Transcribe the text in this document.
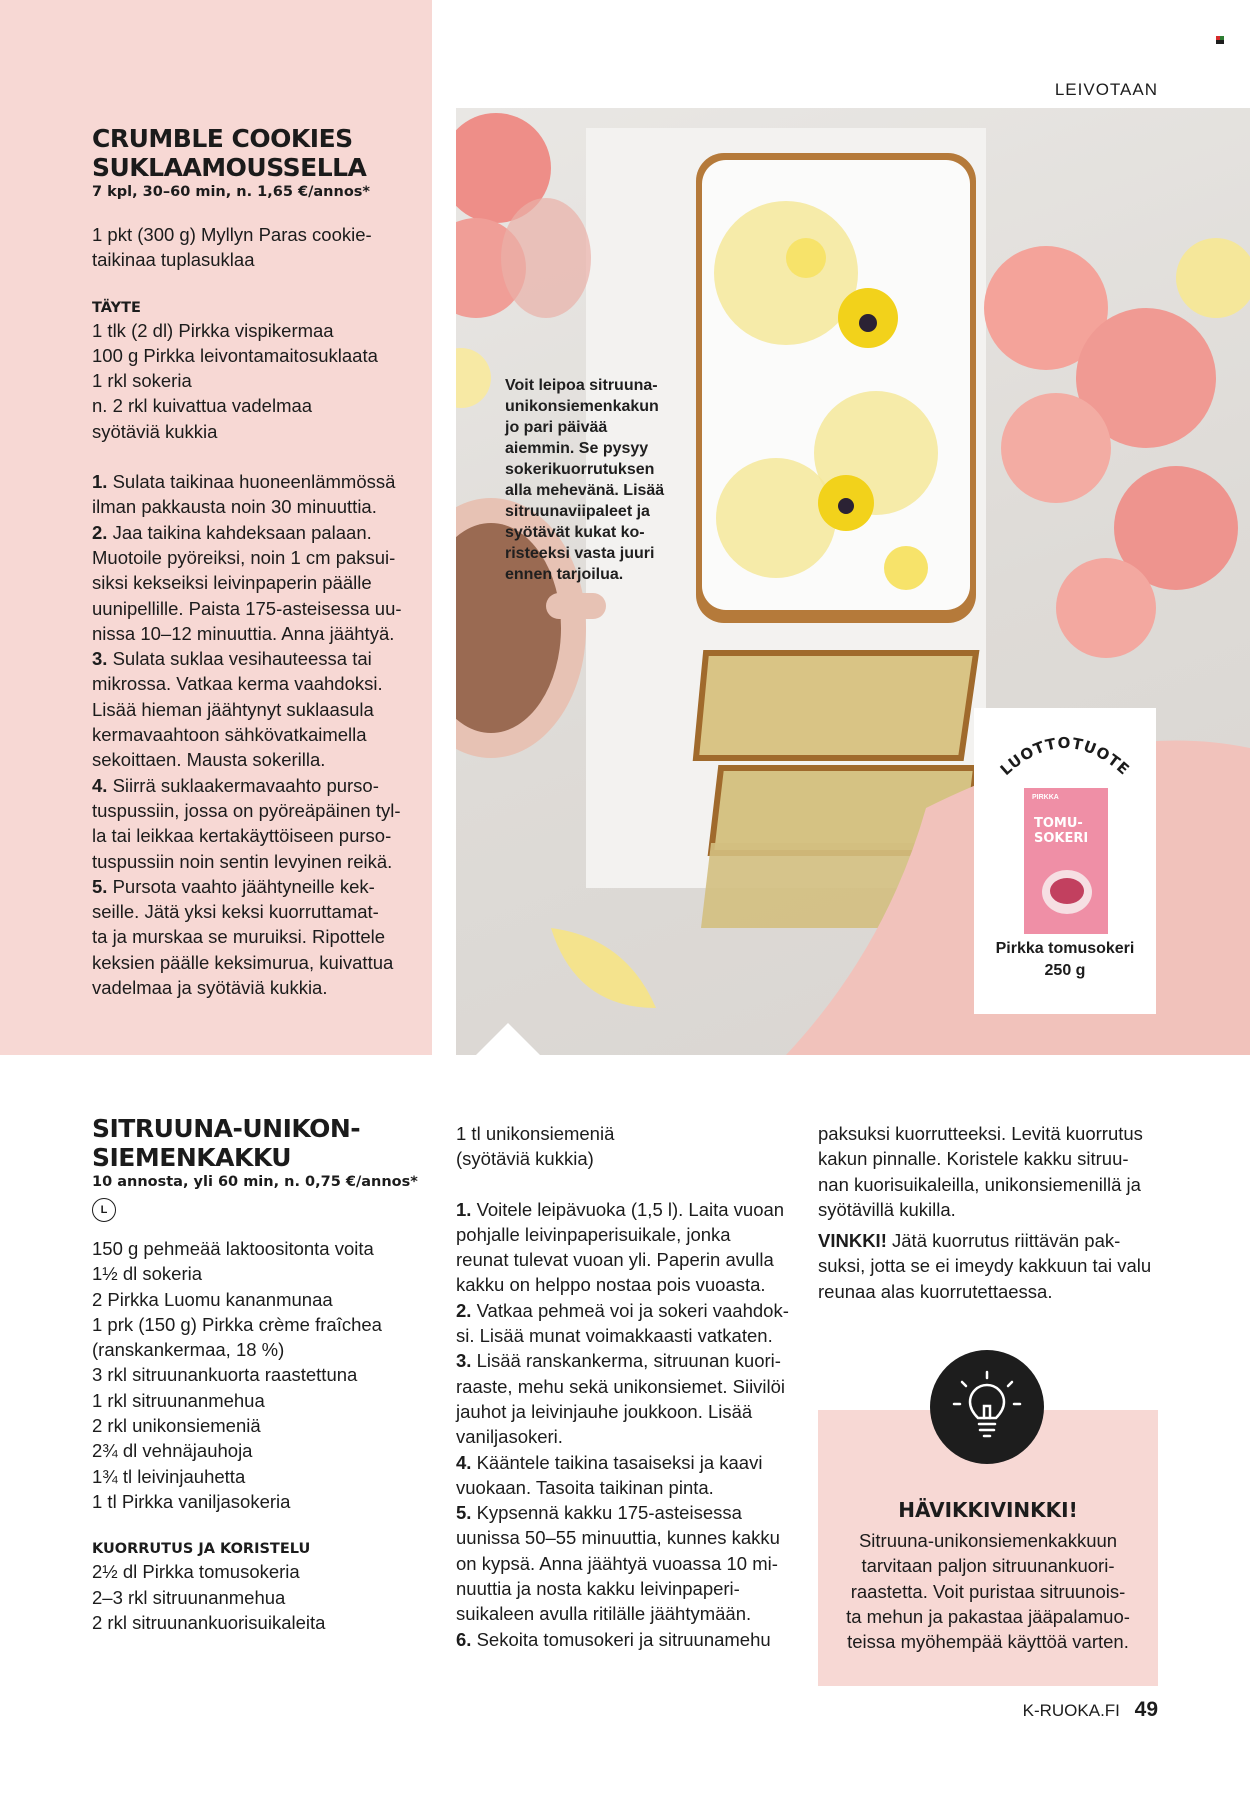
LEIVOTAAN

CRUMBLE COOKIES
SUKLAAMOUSSELLA

7 kpl, 30–60 min, n. 1,65 €/annos*

1 pkt (300 g) Myllyn Paras cookie-

taikinaa tuplasuklaa

TÄYTE

1 tlk (2 dl) Pirkka vispikermaa

100 g Pirkka leivontamaitosuklaata

1 rkl sokeria

n. 2 rkl kuivattua vadelmaa

syötäviä kukkia

1. Sulata taikinaa huoneenlämmössä

ilman pakkausta noin 30 minuuttia.

2. Jaa taikina kahdeksaan palaan.

Muotoile pyöreiksi, noin 1 cm paksui-

siksi kekseiksi leivinpaperin päälle

uunipellille. Paista 175-asteisessa uu-

nissa 10–12 minuuttia. Anna jäähtyä.

3. Sulata suklaa vesihauteessa tai

mikrossa. Vatkaa kerma vaahdoksi.

Lisää hieman jäähtynyt suklaasula

kermavaahtoon sähkövatkaimella

sekoittaen. Mausta sokerilla.

4. Siirrä suklaakermavaahto purso-

tuspussiin, jossa on pyöreäpäinen tyl-

la tai leikkaa kertakäyttöiseen purso-

tuspussiin noin sentin levyinen reikä.

5. Pursota vaahto jäähtyneille kek-

seille. Jätä yksi keksi kuorruttamat-

ta ja murskaa se muruiksi. Ripottele

keksien päälle keksimurua, kuivattua

vadelmaa ja syötäviä kukkia.

Voit leipoa sitruuna-
unikonsiemenkakun
jo pari päivää
aiemmin. Se pysyy
sokerikuorrutuksen
alla mehevänä. Lisää
sitruunaviipaleet ja
syötävät kukat ko-
risteeksi vasta juuri
ennen tarjoilua.
LUOTTOTUOTE
PIRKKA
TOMU-
SOKERI
Pirkka tomusokeri
250 g

SITRUUNA-UNIKON-
SIEMENKAKKU

10 annosta, yli 60 min, n. 0,75 €/annos*

L

150 g pehmeää laktoositonta voita

1½ dl sokeria

2 Pirkka Luomu kananmunaa

1 prk (150 g) Pirkka crème fraîchea

(ranskankermaa, 18 %)

3 rkl sitruunankuorta raastettuna

1 rkl sitruunanmehua

2 rkl unikonsiemeniä

2¾ dl vehnäjauhoja

1¾ tl leivinjauhetta

1 tl Pirkka vaniljasokeria

KUORRUTUS JA KORISTELU

2½ dl Pirkka tomusokeria

2–3 rkl sitruunanmehua

2 rkl sitruunankuorisuikaleita

1 tl unikonsiemeniä

(syötäviä kukkia)

1. Voitele leipävuoka (1,5 l). Laita vuoan

pohjalle leivinpaperisuikale, jonka

reunat tulevat vuoan yli. Paperin avulla

kakku on helppo nostaa pois vuoasta.

2. Vatkaa pehmeä voi ja sokeri vaahdok-

si. Lisää munat voimakkaasti vatkaten.

3. Lisää ranskankerma, sitruunan kuori-

raaste, mehu sekä unikonsiemet. Siivilöi

jauhot ja leivinjauhe joukkoon. Lisää

vaniljasokeri.

4. Kääntele taikina tasaiseksi ja kaavi

vuokaan. Tasoita taikinan pinta.

5. Kypsennä kakku 175-asteisessa

uunissa 50–55 minuuttia, kunnes kakku

on kypsä. Anna jäähtyä vuoassa 10 mi-

nuuttia ja nosta kakku leivinpaperi-

suikaleen avulla ritilälle jäähtymään.

6. Sekoita tomusokeri ja sitruunamehu

paksuksi kuorrutteeksi. Levitä kuorrutus

kakun pinnalle. Koristele kakku sitruu-

nan kuorisuikaleilla, unikonsiemenillä ja

syötävillä kukilla.

VINKKI! Jätä kuorrutus riittävän pak-

suksi, jotta se ei imeydy kakkuun tai valu

reunaa alas kuorrutettaessa.

HÄVIKKIVINKKI!

Sitruuna-unikonsiemenkakkuun

tarvitaan paljon sitruunankuori-

raastetta. Voit puristaa sitruunois-

ta mehun ja pakastaa jääpalamuo-

teissa myöhempää käyttöä varten.

K-RUOKA.FI 49
